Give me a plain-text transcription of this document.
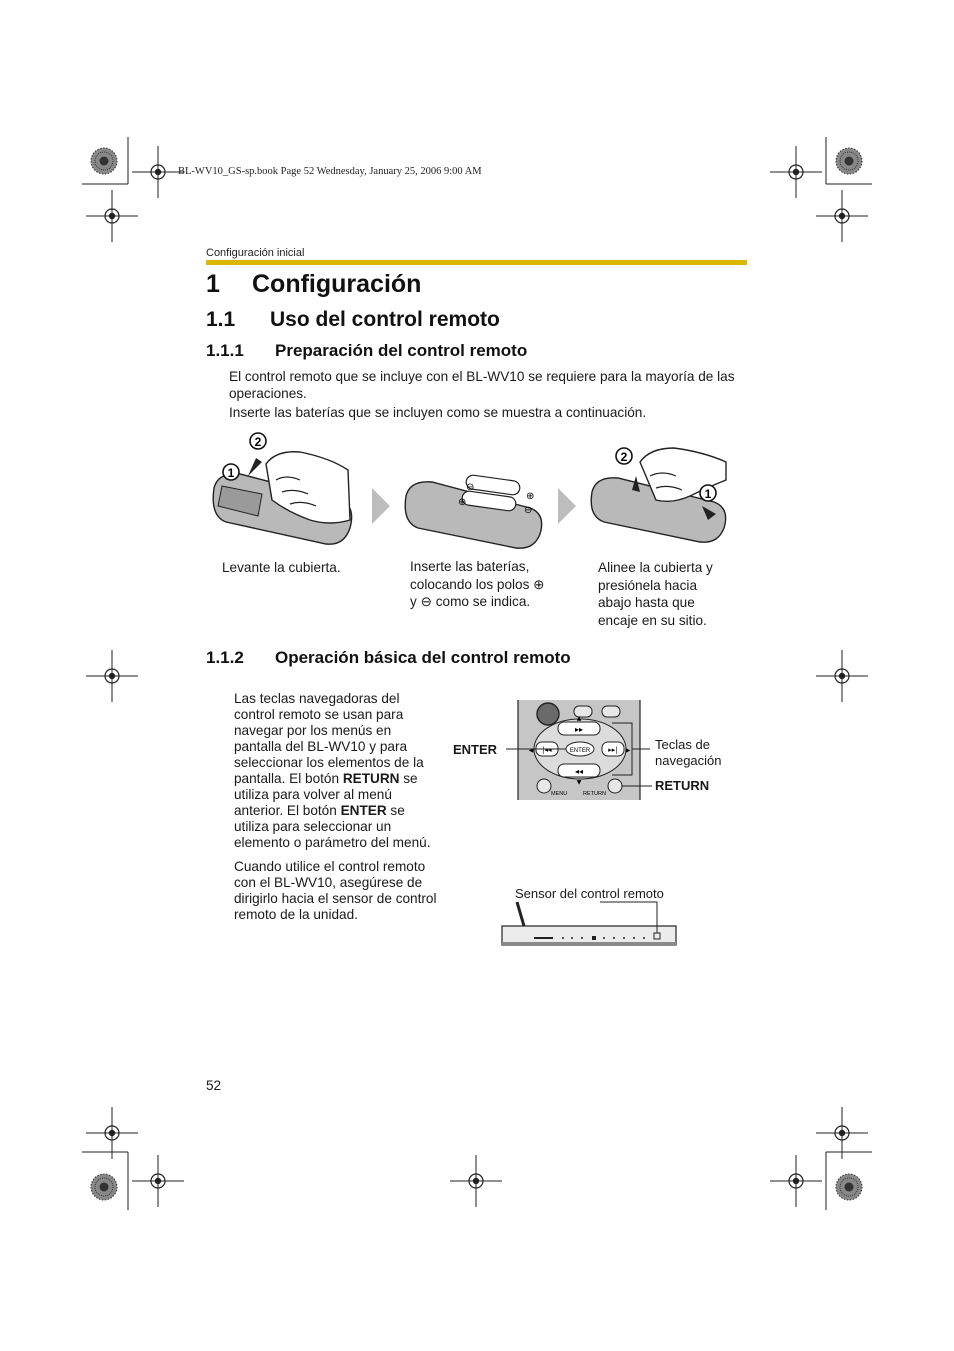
BL-WV10_GS-sp.book Page 52 Wednesday, January 25, 2006 9:00 AM
Configuración inicial
1 Configuración
1.1 Uso del control remoto
1.1.1 Preparación del control remoto

El control remoto que se incluye con el BL-WV10 se requiere para la mayoría de las operaciones.

Inserte las baterías que se incluyen como se muestra a continuación.

2
1
⊖
⊕
⊕
⊖
2
1
Levante la cubierta.	Inserte las baterías,
colocando los polos ⊕
y ⊖ como se indica.
Alinee la cubierta y
presiónela hacia
abajo hasta que
encaje en su sitio.
1.1.2 Operación básica del control remoto

Las teclas navegadoras del control remoto se usan para navegar por los menús en pantalla del BL-WV10 y para seleccionar los elementos de la pantalla. El botón RETURN se utiliza para volver al menú anterior. El botón ENTER se utiliza para seleccionar un elemento o parámetro del menú.

Cuando utilice el control remoto con el BL-WV10, asegúrese de dirigirlo hacia el sensor de control remoto de la unidad.

▸▸
◂◂
|◂◂	▸▸|
ENTER
▲
▼
◀	▶
MENU	RETURN
ENTER	Teclas de
navegación
RETURN
Sensor del control remoto
52
